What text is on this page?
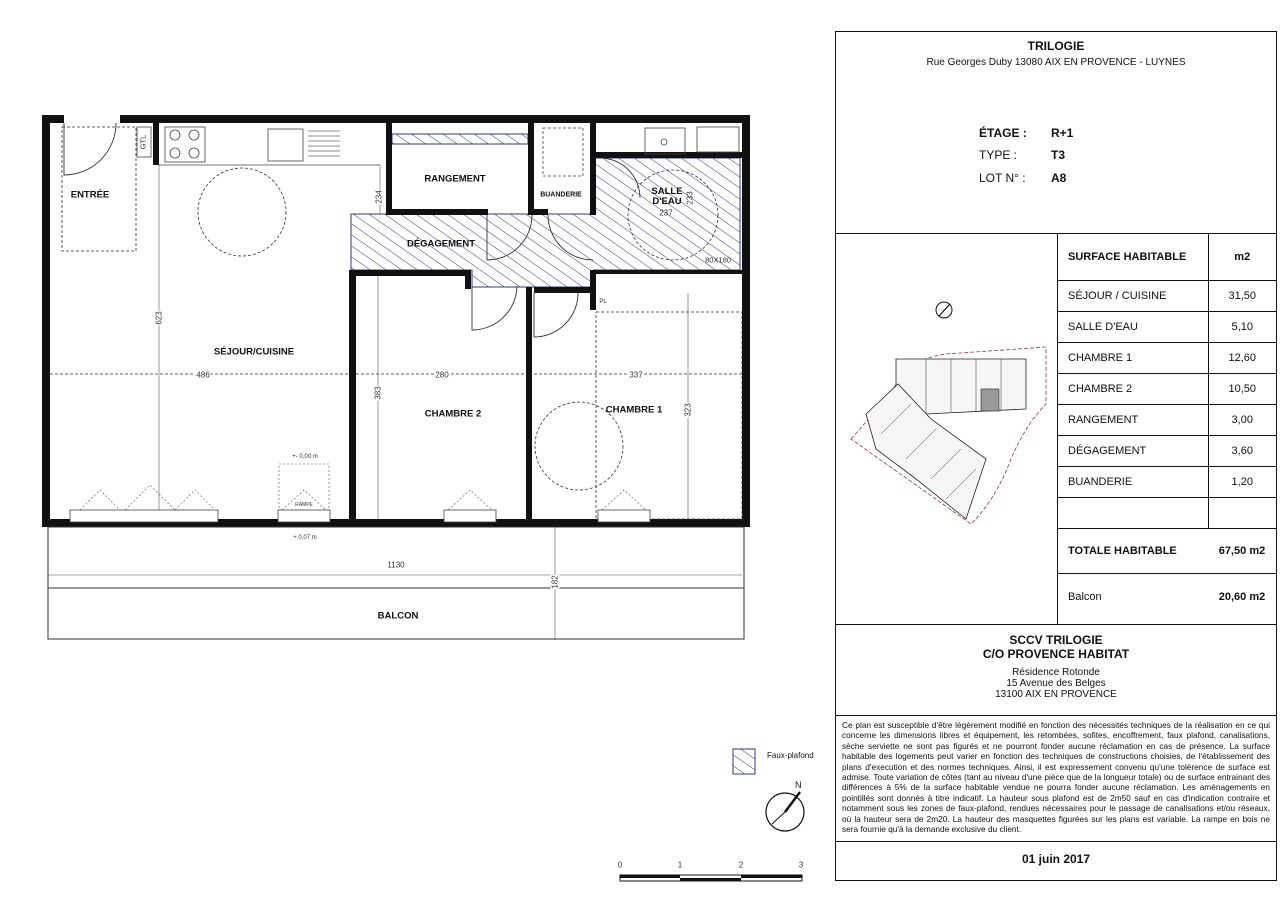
ENTRÉE
SÉJOUR/CUISINE
RANGEMENT
BUANDERIE	SALLE
D'EAU
DÉGAGEMENT
CHAMBRE 2	CHAMBRE 1
BALCON
GTL
PL
80X180
RAMPE
+- 0,00 m
+ 0,07 m
486
623
234
280
383
337
323
237
233
1130
182
Faux-plafond
N
0	1	2	3
TRILOGIE
Rue Georges Duby 13080 AIX EN PROVENCE - LUYNES
ÉTAGE : R+1
TYPE :	T3
LOT N° : A8
SURFACE HABITABLE	m2
SÉJOUR / CUISINE	31,50
SALLE D'EAU	5,10
CHAMBRE 1	12,60
CHAMBRE 2	10,50
RANGEMENT	3,00
DÉGAGEMENT	3,60
BUANDERIE	1,20

TOTALE HABITABLE	67,50 m2
Balcon	20,60 m2
SCCV TRILOGIE
C/O PROVENCE HABITAT
Résidence Rotonde
15 Avenue des Belges
13100 AIX EN PROVENCE
Ce plan est susceptible d'être légèrement modifié en fonction des nécessités techniques de la réalisation en ce qui concerne les dimensions libres et équipement, les retombées, sofites, encoffrement, faux plafond, canalisations, sèche serviette ne sont pas figurés et ne pourront fonder aucune réclamation en cas de présence. La surface habitable des logements peut varier en fonction des techniques de constructions choisies, de l'établissement des plans d'execution et des normes techniques. Ainsi, il est expressement convenu qu'une tolérence de surface est admise. Toute variation de côtes (tant au niveau d'une pièce que de la longueur totale) ou de surface entrainant des différences à 5% de la surface habitable vendue ne pourra fonder aucune réclamation. Les aménagements en pointillés sont donnés à titre indicatif. La hauteur sous plafond est de 2m50 sauf en cas d'indication contraire et notamment sous les zones de faux-plafond, rendues nécessaires pour le passage de canalisations et/ou réseaux, où la hauteur sera de 2m20. La hauteur des masquettes figurées sur les plans est variable. La rampe en bois ne sera fournie qu'à la demande exclusive du client.
01 juin 2017
